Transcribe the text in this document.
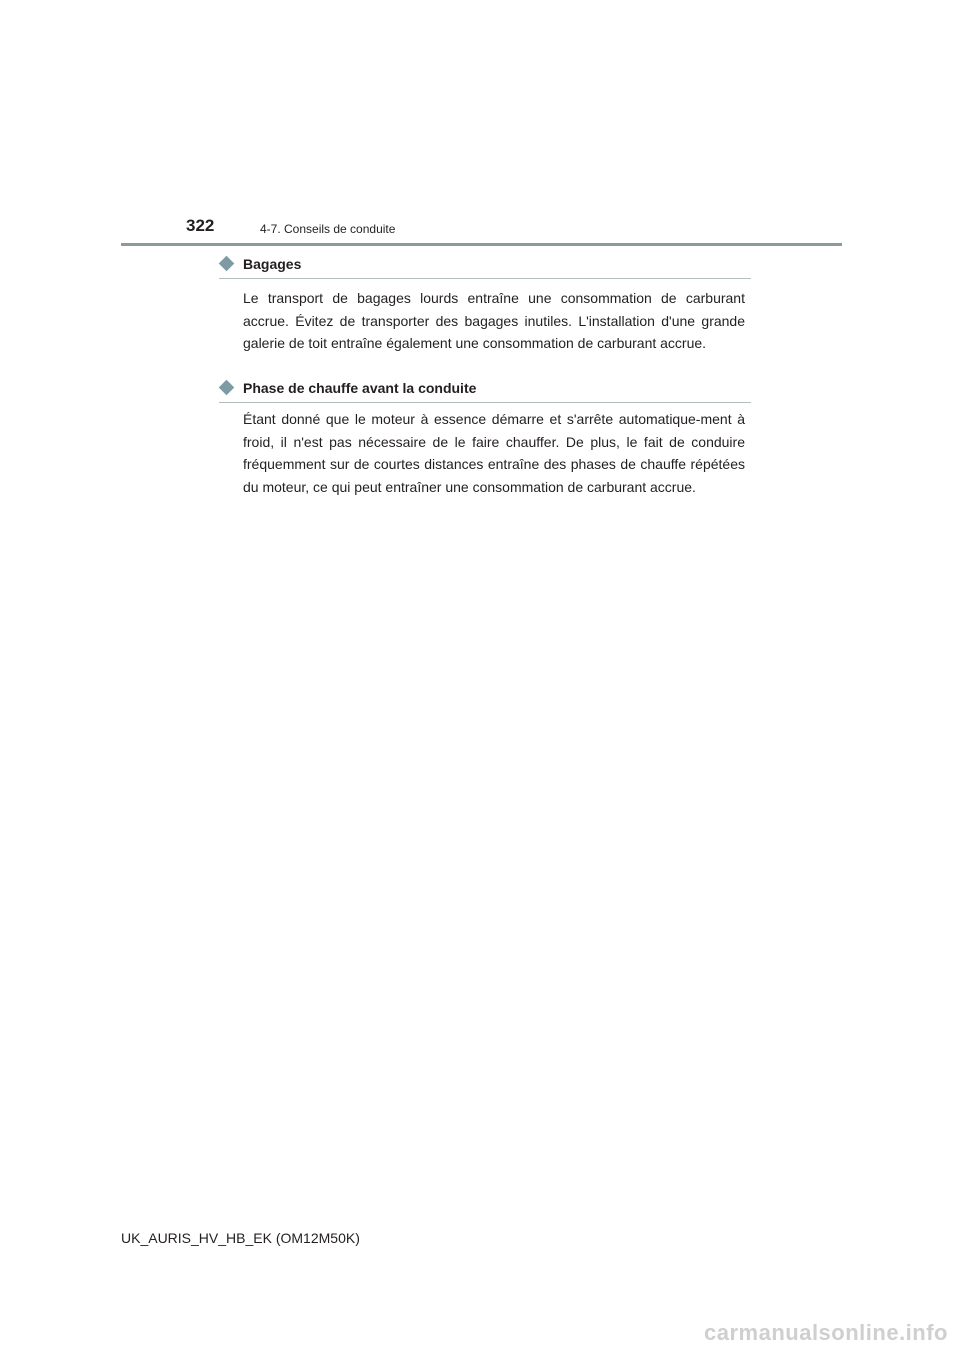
322	4-7. Conseils de conduite
Bagages

Le transport de bagages lourds entraîne une consommation de carburant accrue. Évitez de transporter des bagages inutiles. L'installation d'une grande galerie de toit entraîne également une consommation de carburant accrue.

Phase de chauffe avant la conduite

Étant donné que le moteur à essence démarre et s'arrête automatique-ment à froid, il n'est pas nécessaire de le faire chauffer. De plus, le fait de conduire fréquemment sur de courtes distances entraîne des phases de chauffe répétées du moteur, ce qui peut entraîner une consommation de carburant accrue.

UK_AURIS_HV_HB_EK (OM12M50K)
carmanualsonline.info
